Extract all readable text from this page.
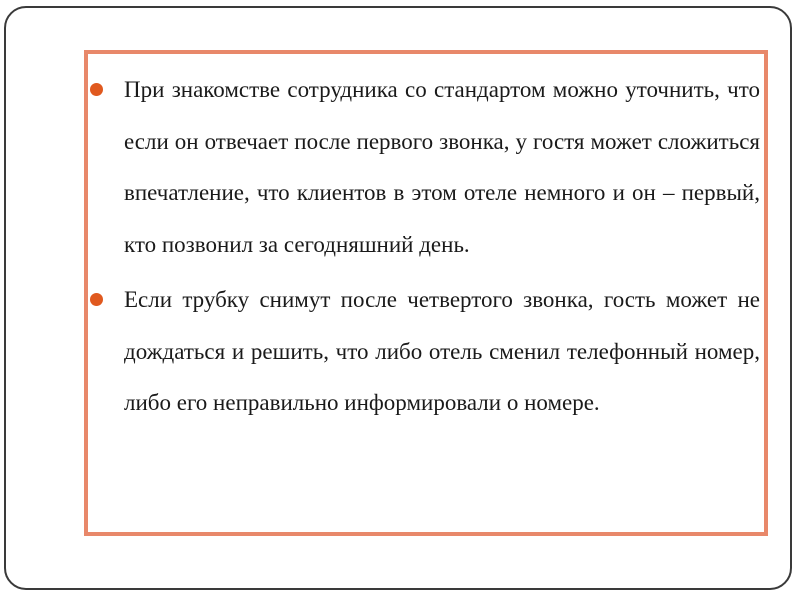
При знакомстве сотрудника со стандартом можно уточнить, что если он отвечает после первого звонка, у гостя может сложиться впечатление, что клиентов в этом отеле немного и он – первый, кто позвонил за сегодняшний день.
Если трубку снимут после четвертого звонка, гость может не дождаться и решить, что либо отель сменил телефонный номер, либо его неправильно информировали о номере.
